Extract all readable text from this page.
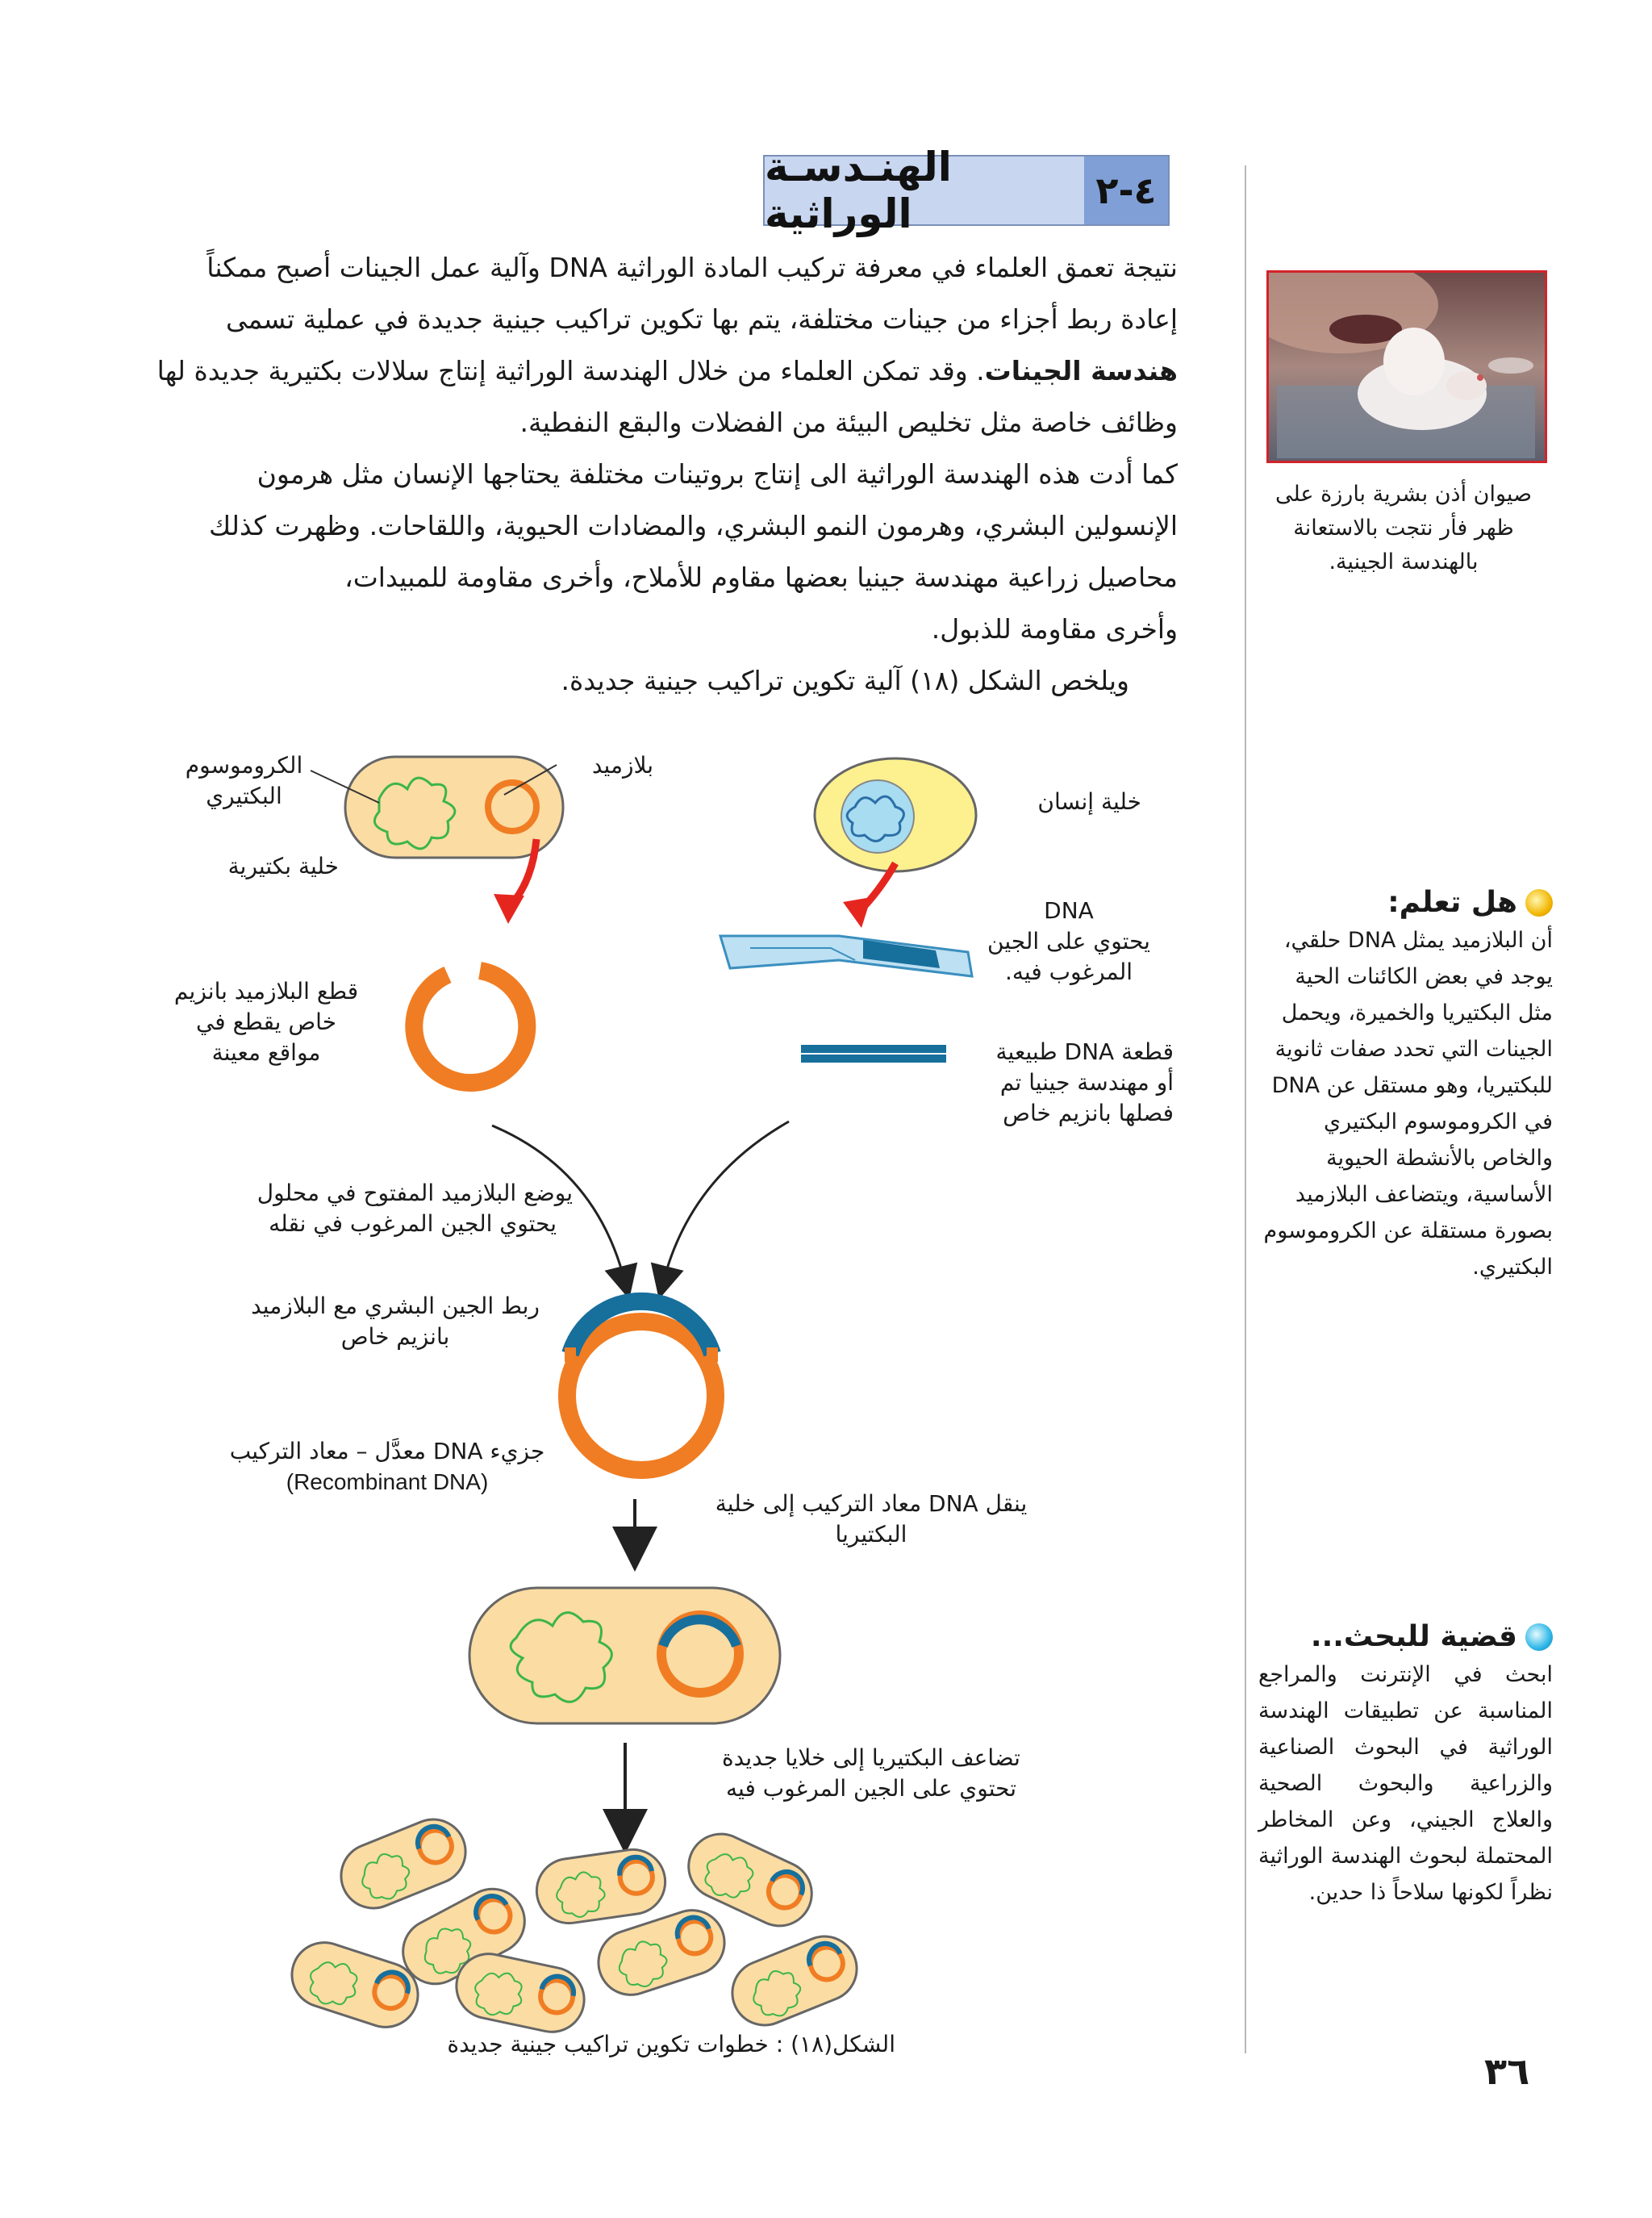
٤-٢
الهنـدسـة الوراثية

نتيجة تعمق العلماء في معرفة تركيب المادة الوراثية DNA وآلية عمل الجينات أصبح ممكناً إعادة ربط أجزاء من جينات مختلفة، يتم بها تكوين تراكيب جينية جديدة في عملية تسمى هندسة الجينات. وقد تمكن العلماء من خلال الهندسة الوراثية إنتاج سلالات بكتيرية جديدة لها وظائف خاصة مثل تخليص البيئة من الفضلات والبقع النفطية.

كما أدت هذه الهندسة الوراثية الى إنتاج بروتينات مختلفة يحتاجها الإنسان مثل هرمون الإنسولين البشري، وهرمون النمو البشري، والمضادات الحيوية، واللقاحات. وظهرت كذلك محاصيل زراعية مهندسة جينيا بعضها مقاوم للأملاح، وأخرى مقاومة للمبيدات،

وأخرى مقاومة للذبول.

ويلخص الشكل (١٨) آلية تكوين تراكيب جينية جديدة.

صيوان أذن بشرية بارزة على ظهر فأر نتجت بالاستعانة بالهندسة الجينية.
هل تعلم:
أن البلازميد يمثل DNA حلقي، يوجد في بعض الكائنات الحية مثل البكتيريا والخميرة، ويحمل الجينات التي تحدد صفات ثانوية للبكتيريا، وهو مستقل عن DNA في الكروموسوم البكتيري والخاص بالأنشطة الحيوية الأساسية، ويتضاعف البلازميد بصورة مستقلة عن الكروموسوم البكتيري.
قضية للبحث...
ابحث في الإنترنت والمراجع المناسبة عن تطبيقات الهندسة الوراثية في البحوث الصناعية والزراعية والبحوث الصحية والعلاج الجيني، وعن المخاطر المحتملة لبحوث الهندسة الوراثية نظراً لكونها سلاحاً ذا حدين.
خلية إنسان
DNA
يحتوي على الجين
المرغوب فيه.
قطعة DNA طبيعية
أو مهندسة جينيا تم
فصلها بانزيم خاص
الكروموسوم
البكتيري
بلازميد
خلية بكتيرية
قطع البلازميد بانزيم
خاص يقطع في
مواقع معينة
يوضع البلازميد المفتوح في محلول
يحتوي الجين المرغوب في نقله
ربط الجين البشري مع البلازميد
بانزيم خاص
جزيء DNA معدَّل – معاد التركيب
(Recombinant DNA)
ينقل DNA معاد التركيب إلى خلية
البكتيريا
تضاعف البكتيريا إلى خلايا جديدة
تحتوي على الجين المرغوب فيه
الشكل(١٨) : خطوات تكوين تراكيب جينية جديدة
٣٦
